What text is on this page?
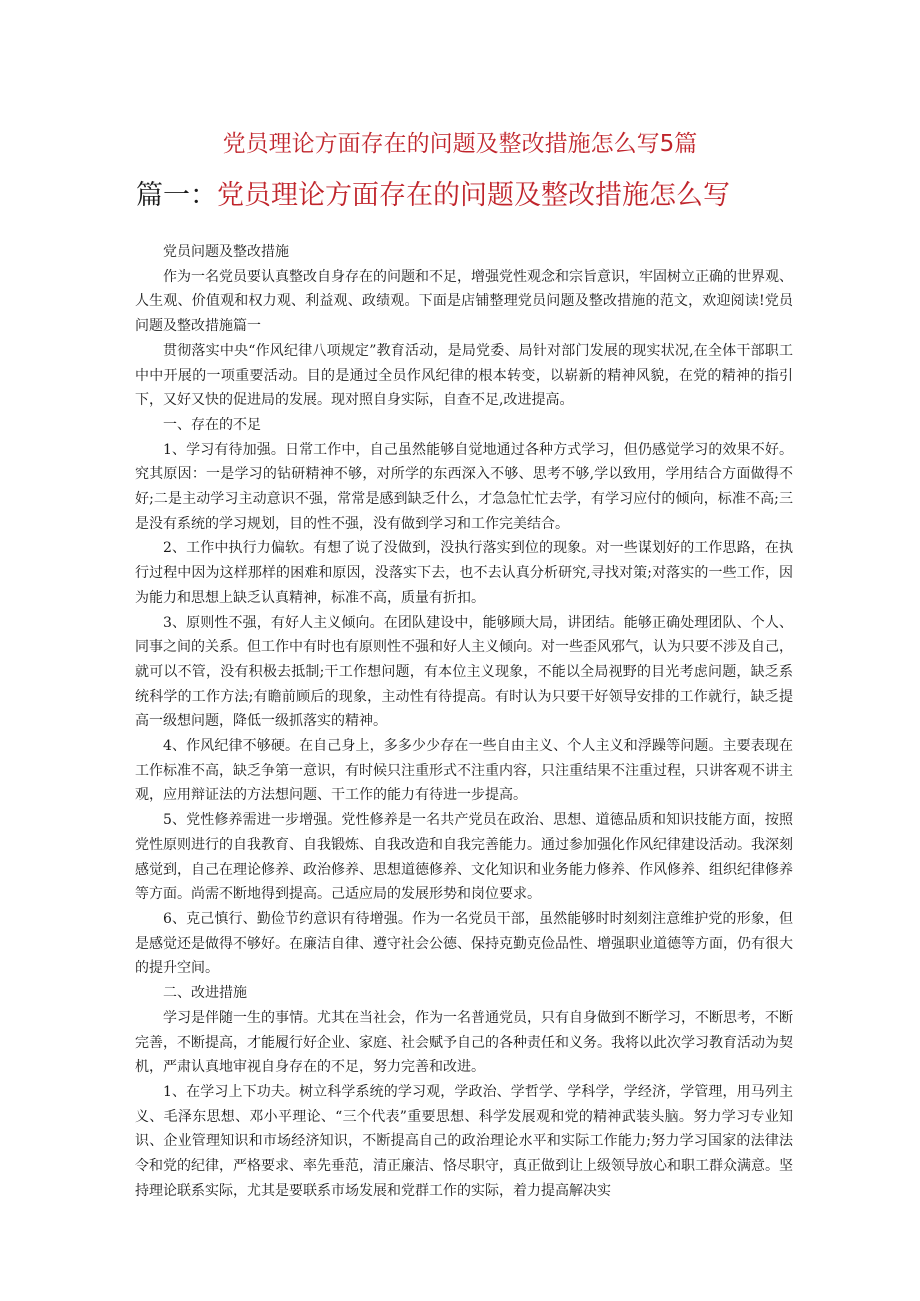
党员理论方面存在的问题及整改措施怎么写5篇
篇一：党员理论方面存在的问题及整改措施怎么写

党员问题及整改措施

作为一名党员要认真整改自身存在的问题和不足，增强党性观念和宗旨意识，牢固树立正确的世界观、人生观、价值观和权力观、利益观、政绩观。下面是店铺整理党员问题及整改措施的范文，欢迎阅读!党员问题及整改措施篇一

贯彻落实中央“作风纪律八项规定”教育活动，是局党委、局针对部门发展的现实状况,在全体干部职工中中开展的一项重要活动。目的是通过全员作风纪律的根本转变，以崭新的精神风貌，在党的精神的指引下，又好又快的促进局的发展。现对照自身实际，自查不足,改进提高。

一、存在的不足

1、学习有待加强。日常工作中，自己虽然能够自觉地通过各种方式学习，但仍感觉学习的效果不好。究其原因：一是学习的钻研精神不够，对所学的东西深入不够、思考不够,学以致用，学用结合方面做得不好;二是主动学习主动意识不强，常常是感到缺乏什么，才急急忙忙去学，有学习应付的倾向，标准不高;三是没有系统的学习规划，目的性不强，没有做到学习和工作完美结合。

2、工作中执行力偏软。有想了说了没做到，没执行落实到位的现象。对一些谋划好的工作思路，在执行过程中因为这样那样的困难和原因，没落实下去，也不去认真分析研究,寻找对策;对落实的一些工作，因为能力和思想上缺乏认真精神，标准不高，质量有折扣。

3、原则性不强，有好人主义倾向。在团队建设中，能够顾大局，讲团结。能够正确处理团队、个人、同事之间的关系。但工作中有时也有原则性不强和好人主义倾向。对一些歪风邪气，认为只要不涉及自己，就可以不管，没有积极去抵制;干工作想问题，有本位主义现象，不能以全局视野的目光考虑问题，缺乏系统科学的工作方法;有瞻前顾后的现象，主动性有待提高。有时认为只要干好领导安排的工作就行，缺乏提高一级想问题，降低一级抓落实的精神。

4、作风纪律不够硬。在自己身上，多多少少存在一些自由主义、个人主义和浮躁等问题。主要表现在工作标准不高，缺乏争第一意识，有时候只注重形式不注重内容，只注重结果不注重过程，只讲客观不讲主观，应用辩证法的方法想问题、干工作的能力有待进一步提高。

5、党性修养需进一步增强。党性修养是一名共产党员在政治、思想、道德品质和知识技能方面，按照党性原则进行的自我教育、自我锻炼、自我改造和自我完善能力。通过参加强化作风纪律建设活动。我深刻感觉到，自己在理论修养、政治修养、思想道德修养、文化知识和业务能力修养、作风修养、组织纪律修养等方面。尚需不断地得到提高。己适应局的发展形势和岗位要求。

6、克己慎行、勤俭节约意识有待增强。作为一名党员干部，虽然能够时时刻刻注意维护党的形象，但是感觉还是做得不够好。在廉洁自律、遵守社会公德、保持克勤克俭品性、增强职业道德等方面，仍有很大的提升空间。

二、改进措施

学习是伴随一生的事情。尤其在当社会，作为一名普通党员，只有自身做到不断学习，不断思考，不断完善，不断提高，才能履行好企业、家庭、社会赋予自己的各种责任和义务。我将以此次学习教育活动为契机，严肃认真地审视自身存在的不足，努力完善和改进。

1、在学习上下功夫。树立科学系统的学习观，学政治、学哲学、学科学，学经济，学管理，用马列主义、毛泽东思想、邓小平理论、“三个代表”重要思想、科学发展观和党的精神武装头脑。努力学习专业知识、企业管理知识和市场经济知识，不断提高自己的政治理论水平和实际工作能力;努力学习国家的法律法令和党的纪律，严格要求、率先垂范，清正廉洁、恪尽职守，真正做到让上级领导放心和职工群众满意。坚持理论联系实际，尤其是要联系市场发展和党群工作的实际，着力提高解决实
